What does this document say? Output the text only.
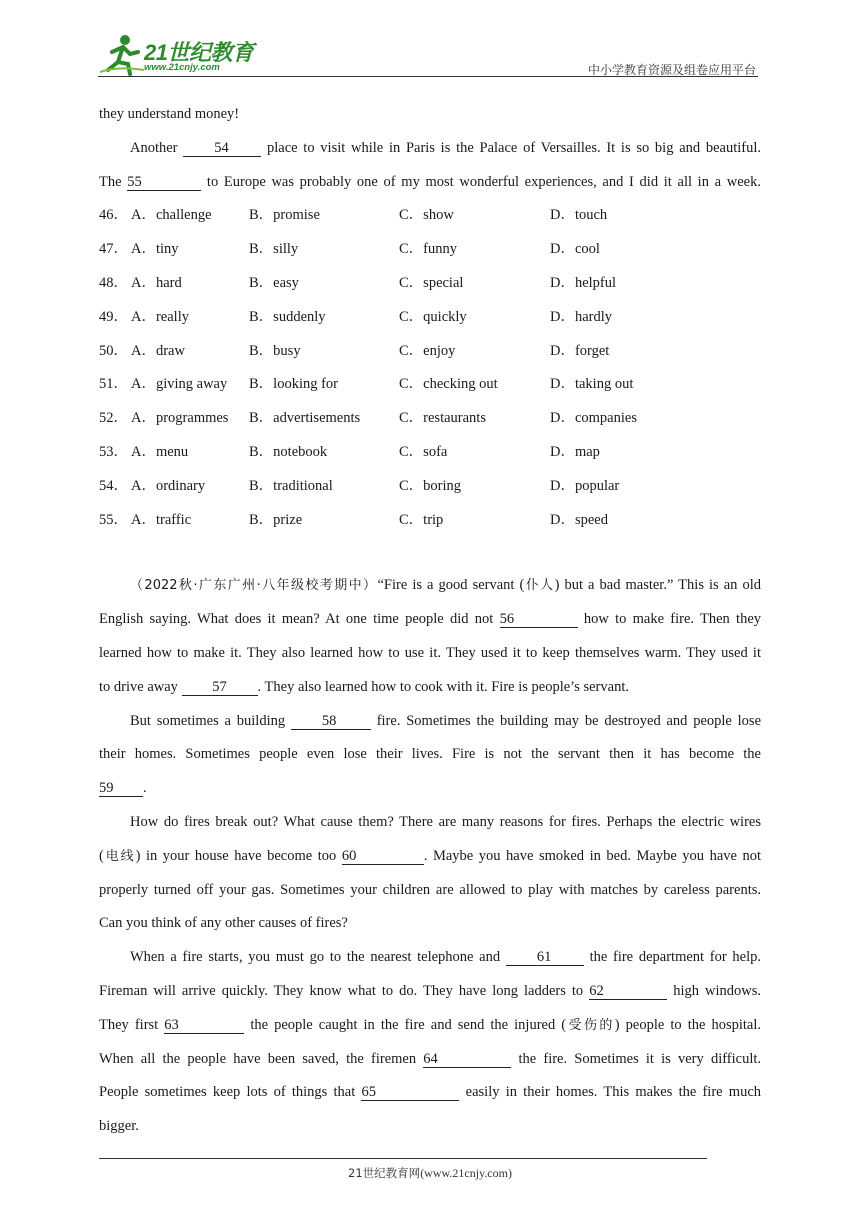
21世纪教育
www.21cnjy.com	中小学教育资源及组卷应用平台
they understand money!
Another	54	place to visit while in Paris is the Palace of Versailles. It is so big and beautiful.
The 55	to Europe was probably one of my most wonderful experiences, and I did it all in a week.
46． A．challenge	B．promise	C．show	D．touch
47． A．tiny	B．silly	C．funny	D．cool
48． A．hard	B．easy	C．special	D．helpful
49． A．really	B．suddenly	C．quickly	D．hardly
50． A．draw	B．busy	C．enjoy	D．forget
51． A．giving away B．looking for	C．checking out	D．taking out
52． A．programmes B．advertisements	C．restaurants	D．companies
53． A．menu	B．notebook	C．sofa	D．map
54． A．ordinary	B．traditional	C．boring	D．popular
55． A．traffic	B．prize	C．trip	D．speed
（2022秋·广东广州·八年级校考期中）“Fire is a good servant (仆人) but a bad master.” This is an old
English saying. What does it mean? At one time people did not 56	how to make fire. Then they
learned how to make it. They also learned how to use it. They used it to keep themselves warm. They used it
to drive away 57 . They also learned how to cook with it. Fire is people’s servant.
But sometimes a building	58	fire. Sometimes the building may be destroyed and people lose
their homes. Sometimes people even lose their lives. Fire is not the servant then it has become the
59 .
How do fires break out? What cause them? There are many reasons for fires. Perhaps the electric wires
(电线) in your house have become too 60	. Maybe you have smoked in bed. Maybe you have not
properly turned off your gas. Sometimes your children are allowed to play with matches by careless parents.
Can you think of any other causes of fires?
When a fire starts, you must go to the nearest telephone and	61	the fire department for help.
Fireman will arrive quickly. They know what to do. They have long ladders to 62	high windows.
They first 63	the people caught in the fire and send the injured (受伤的) people to the hospital.
When all the people have been saved, the firemen 64	the fire. Sometimes it is very difficult.
People sometimes keep lots of things that 65	easily in their homes. This makes the fire much
bigger.
21世纪教育网(www.21cnjy.com)
